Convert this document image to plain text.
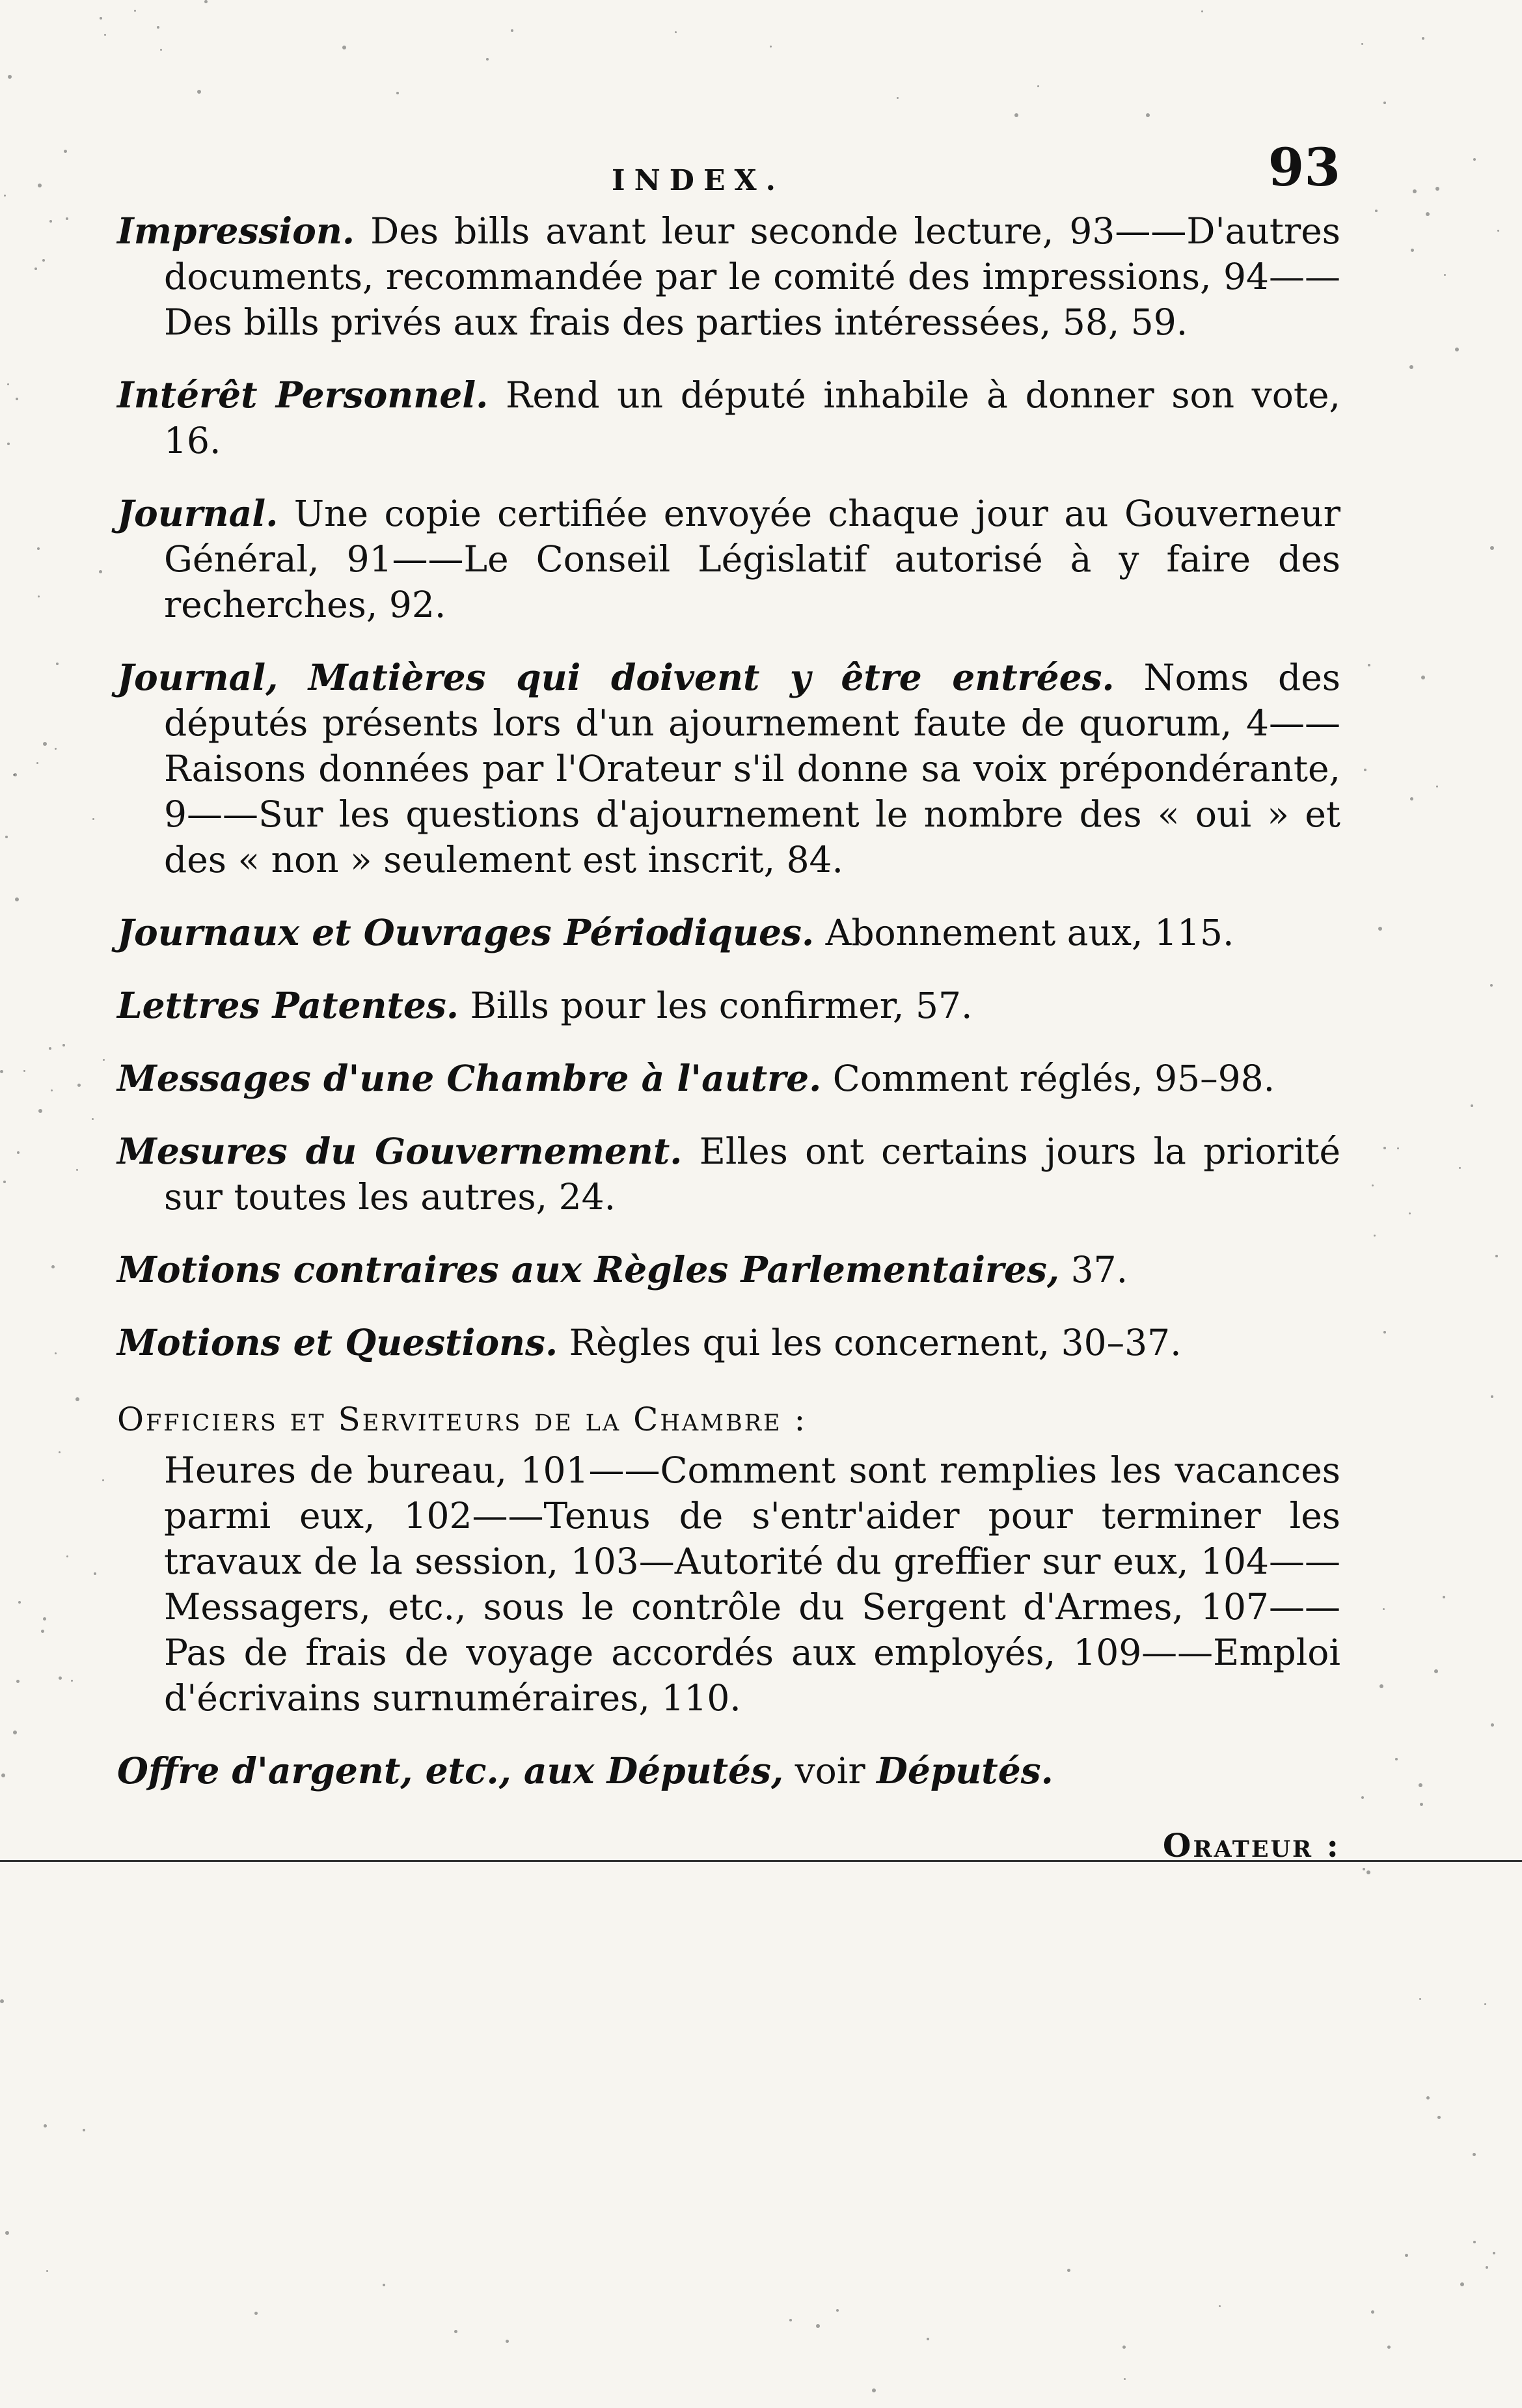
INDEX.	93

Impression. Des bills avant leur seconde lecture, 93——D'autres documents, recommandée par le comité des impressions, 94——Des bills privés aux frais des parties intéressées, 58, 59.

Intérêt Personnel. Rend un député inhabile à donner son vote, 16.

Journal. Une copie certifiée envoyée chaque jour au Gouverneur Général, 91——Le Conseil Législatif autorisé à y faire des recherches, 92.

Journal, Matières qui doivent y être entrées. Noms des députés présents lors d'un ajournement faute de quorum, 4——Raisons données par l'Orateur s'il donne sa voix prépondérante, 9——Sur les questions d'ajournement le nombre des « oui » et des « non » seulement est inscrit, 84.

Journaux et Ouvrages Périodiques. Abonnement aux, 115.

Lettres Patentes. Bills pour les confirmer, 57.

Messages d'une Chambre à l'autre. Comment réglés, 95–98.

Mesures du Gouvernement. Elles ont certains jours la priorité sur toutes les autres, 24.

Motions contraires aux Règles Parlementaires, 37.

Motions et Questions. Règles qui les concernent, 30–37.

Officiers et Serviteurs de la Chambre :

Heures de bureau, 101——Comment sont remplies les vacances parmi eux, 102——Tenus de s'entr'aider pour terminer les travaux de la session, 103—Autorité du greffier sur eux, 104——Messagers, etc., sous le contrôle du Sergent d'Armes, 107——Pas de frais de voyage accordés aux employés, 109——Emploi d'écrivains surnuméraires, 110.

Offre d'argent, etc., aux Députés, voir Députés.

Orateur :
